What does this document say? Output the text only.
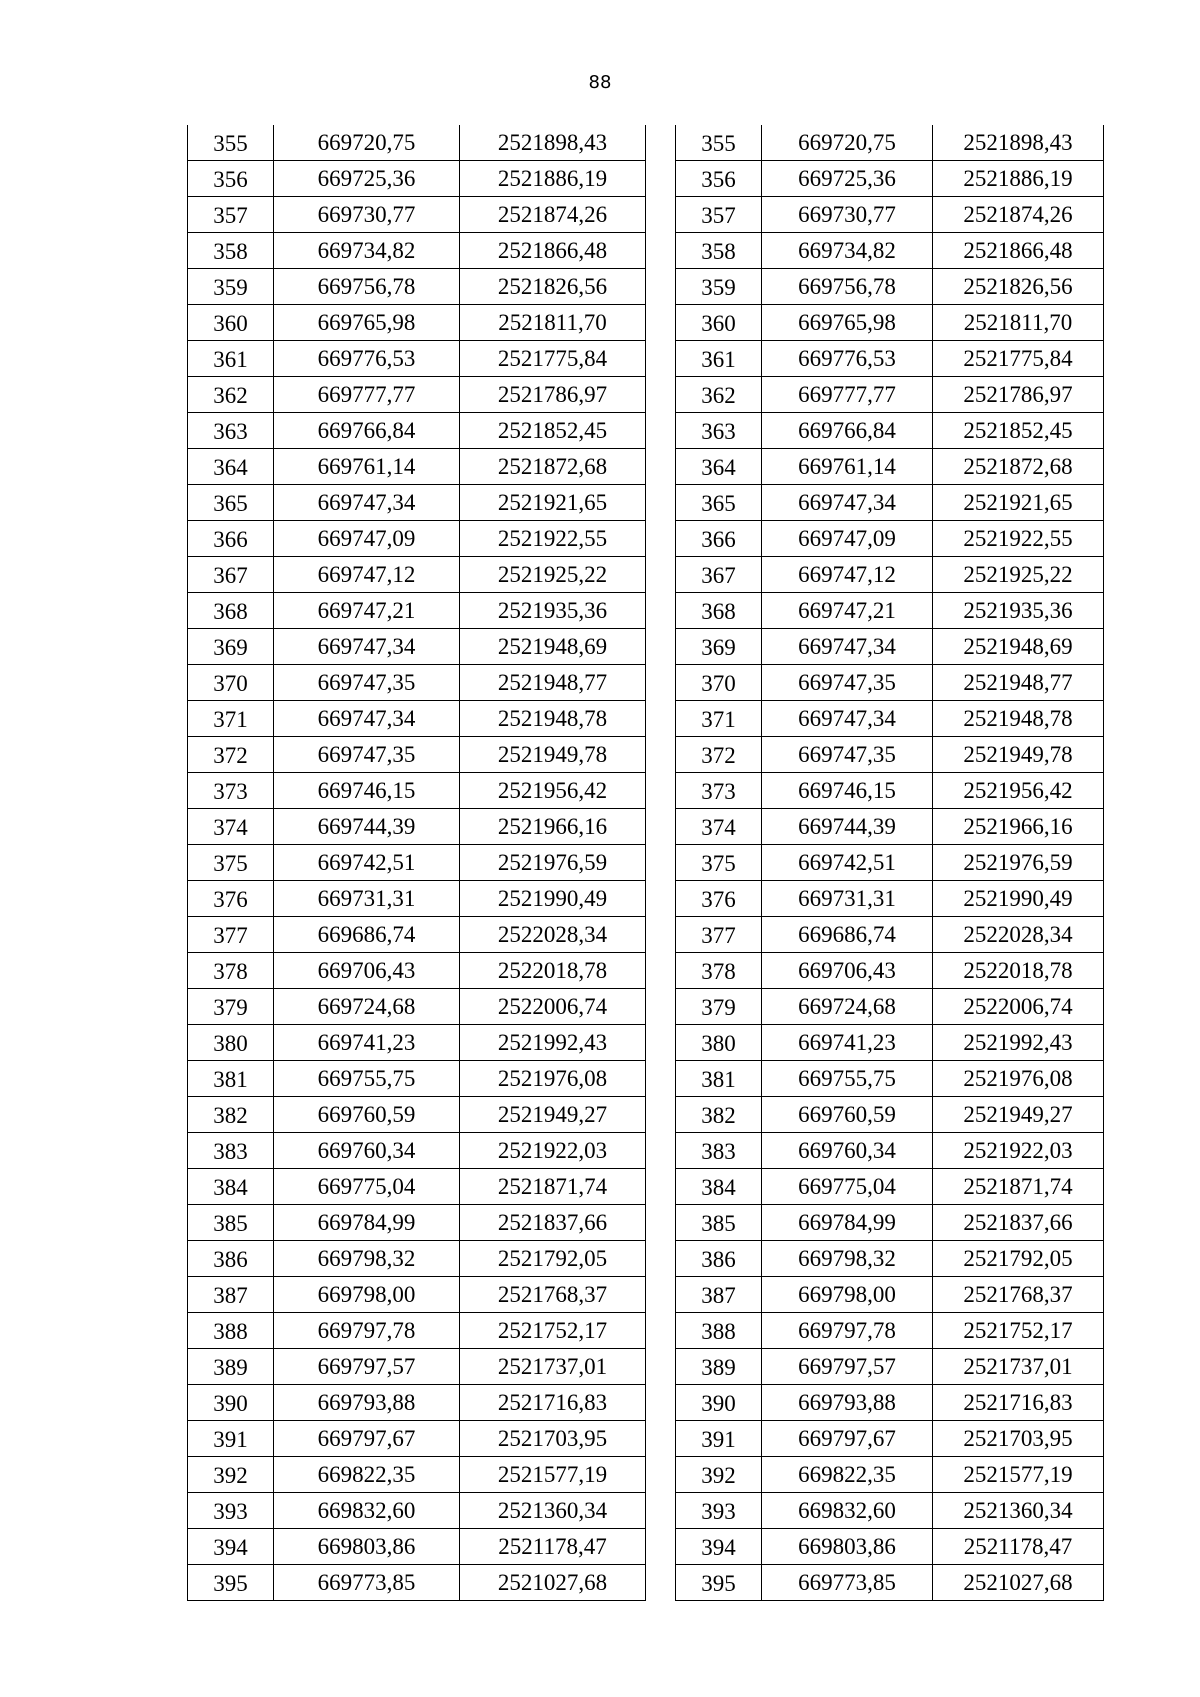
88
355	669720,75	2521898,43
356	669725,36	2521886,19
357	669730,77	2521874,26
358	669734,82	2521866,48
359	669756,78	2521826,56
360	669765,98	2521811,70
361	669776,53	2521775,84
362	669777,77	2521786,97
363	669766,84	2521852,45
364	669761,14	2521872,68
365	669747,34	2521921,65
366	669747,09	2521922,55
367	669747,12	2521925,22
368	669747,21	2521935,36
369	669747,34	2521948,69
370	669747,35	2521948,77
371	669747,34	2521948,78
372	669747,35	2521949,78
373	669746,15	2521956,42
374	669744,39	2521966,16
375	669742,51	2521976,59
376	669731,31	2521990,49
377	669686,74	2522028,34
378	669706,43	2522018,78
379	669724,68	2522006,74
380	669741,23	2521992,43
381	669755,75	2521976,08
382	669760,59	2521949,27
383	669760,34	2521922,03
384	669775,04	2521871,74
385	669784,99	2521837,66
386	669798,32	2521792,05
387	669798,00	2521768,37
388	669797,78	2521752,17
389	669797,57	2521737,01
390	669793,88	2521716,83
391	669797,67	2521703,95
392	669822,35	2521577,19
393	669832,60	2521360,34
394	669803,86	2521178,47
395	669773,85	2521027,68
355	669720,75	2521898,43
356	669725,36	2521886,19
357	669730,77	2521874,26
358	669734,82	2521866,48
359	669756,78	2521826,56
360	669765,98	2521811,70
361	669776,53	2521775,84
362	669777,77	2521786,97
363	669766,84	2521852,45
364	669761,14	2521872,68
365	669747,34	2521921,65
366	669747,09	2521922,55
367	669747,12	2521925,22
368	669747,21	2521935,36
369	669747,34	2521948,69
370	669747,35	2521948,77
371	669747,34	2521948,78
372	669747,35	2521949,78
373	669746,15	2521956,42
374	669744,39	2521966,16
375	669742,51	2521976,59
376	669731,31	2521990,49
377	669686,74	2522028,34
378	669706,43	2522018,78
379	669724,68	2522006,74
380	669741,23	2521992,43
381	669755,75	2521976,08
382	669760,59	2521949,27
383	669760,34	2521922,03
384	669775,04	2521871,74
385	669784,99	2521837,66
386	669798,32	2521792,05
387	669798,00	2521768,37
388	669797,78	2521752,17
389	669797,57	2521737,01
390	669793,88	2521716,83
391	669797,67	2521703,95
392	669822,35	2521577,19
393	669832,60	2521360,34
394	669803,86	2521178,47
395	669773,85	2521027,68
